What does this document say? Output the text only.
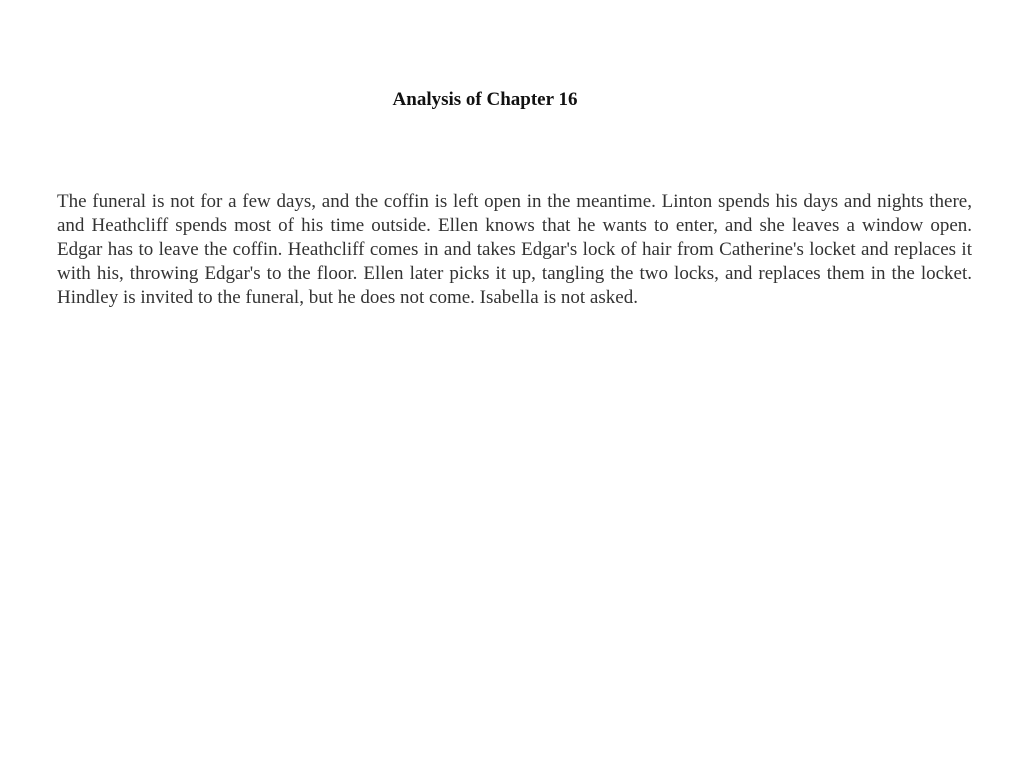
Analysis of Chapter 16

The funeral is not for a few days, and the coffin is left open in the meantime. Linton spends his days and nights there, and Heathcliff spends most of his time outside. Ellen knows that he wants to enter, and she leaves a window open. Edgar has to leave the coffin. Heathcliff comes in and takes Edgar's lock of hair from Catherine's locket and replaces it with his, throwing Edgar's to the floor. Ellen later picks it up, tangling the two locks, and replaces them in the locket. Hindley is invited to the funeral, but he does not come. Isabella is not asked.
